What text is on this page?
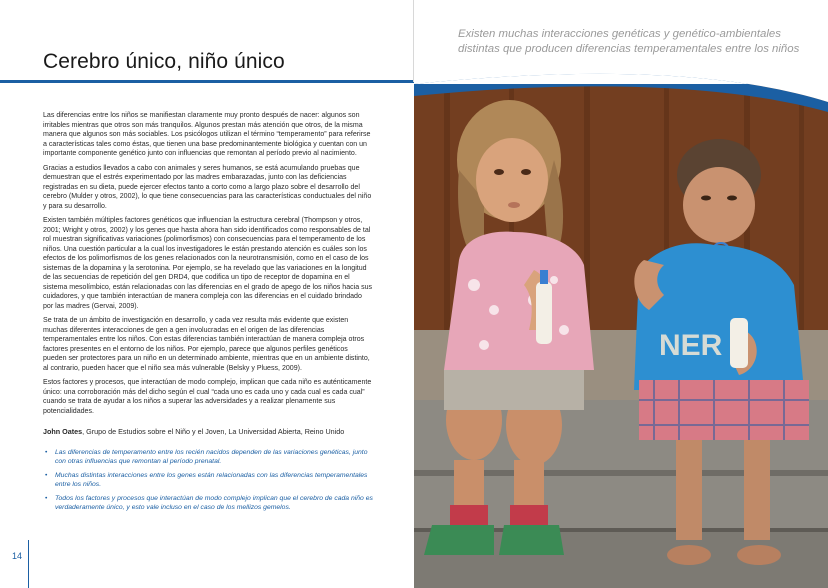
Cerebro único, niño único

Las diferencias entre los niños se manifiestan claramente muy pronto después de nacer: algunos son irritables mientras que otros son más tranquilos. Algunos prestan más atención que otros, de la misma manera que algunos son más sociables. Los psicólogos utilizan el término “temperamento” para referirse a características tales como éstas, que tienen una base predominantemente biológica y cuentan con un importante componente genético junto con influencias que remontan al período previo al nacimiento.

Gracias a estudios llevados a cabo con animales y seres humanos, se está acumulando pruebas que demuestran que el estrés experimentado por las madres embarazadas, junto con las deficiencias registradas en su dieta, puede ejercer efectos tanto a corto como a largo plazo sobre el desarrollo del cerebro (Mulder y otros, 2002), lo que tiene consecuencias para las características conductuales del niño y para su desarrollo.

Existen también múltiples factores genéticos que influencian la estructura cerebral (Thompson y otros, 2001; Wright y otros, 2002) y los genes que hasta ahora han sido identificados como responsables de tal rol muestran significativas variaciones (polimorfismos) con consecuencias para el temperamento de los niños. Una cuestión particular a la cual los investigadores le están prestando atención es cuáles son los efectos de los polimorfismos de los genes relacionados con la neurotransmisión, como en el caso de los sistemas de la dopamina y la serotonina. Por ejemplo, se ha revelado que las variaciones en la longitud de las secuencias de repetición del gen DRD4, que codifica un tipo de receptor de dopamina en el sistema mesolímbico, están relacionadas con las diferencias en el grado de apego de los niños hacia sus cuidadores, y que también interactúan de manera compleja con las diferencias en el cuidado brindado por las madres (Gervai, 2009).

Se trata de un ámbito de investigación en desarrollo, y cada vez resulta más evidente que existen muchas diferentes interacciones de gen a gen involucradas en el origen de las diferencias temperamentales entre los niños. Con estas diferencias también interactúan de manera compleja otros factores presentes en el entorno de los niños. Por ejemplo, parece que algunos perfiles genéticos pueden ser protectores para un niño en un determinado ambiente, mientras que en un ambiente distinto, al contrario, pueden hacer que el niño sea más vulnerable (Belsky y Pluess, 2009).

Estos factores y procesos, que interactúan de modo complejo, implican que cada niño es auténticamente único: una corroboración más del dicho según el cual “cada uno es cada uno y cada cual es cada cual” cuando se trata de ayudar a los niños a superar las adversidades y a realizar plenamente sus potencialidades.

John Oates, Grupo de Estudios sobre el Niño y el Joven, La Universidad Abierta, Reino Unido
• Las diferencias de temperamento entre los recién nacidos dependen de las variaciones genéticas, junto con otras influencias que remontan al período prenatal.
• Muchas distintas interacciones entre los genes están relacionadas con las diferencias temperamentales entre los niños.
• Todos los factores y procesos que interactúan de modo complejo implican que el cerebro de cada niño es verdaderamente único, y esto vale incluso en el caso de los mellizos gemelos.
14
NER
Existen muchas interacciones genéticas y genético-ambientales distintas que producen diferencias temperamentales entre los niños
